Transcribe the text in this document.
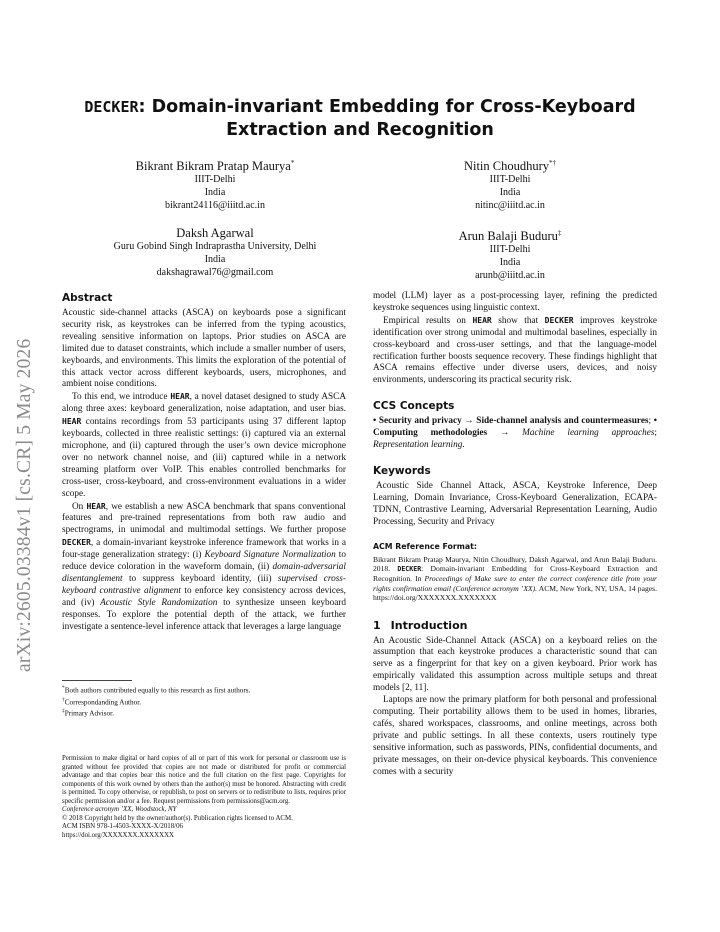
arXiv:2605.03384v1 [cs.CR] 5 May 2026
DECKER: Domain-invariant Embedding for Cross-Keyboard
Extraction and Recognition
Bikrant Bikram Pratap Maurya*
IIIT-Delhi
India
bikrant24116@iiitd.ac.in
Nitin Choudhury*†
IIIT-Delhi
India
nitinc@iiitd.ac.in
Daksh Agarwal
Guru Gobind Singh Indraprastha University, Delhi
India
dakshagrawal76@gmail.com
Arun Balaji Buduru‡
IIIT-Delhi
India
arunb@iiitd.ac.in
Abstract

Acoustic side-channel attacks (ASCA) on keyboards pose a significant security risk, as keystrokes can be inferred from the typing acoustics, revealing sensitive information on laptops. Prior studies on ASCA are limited due to dataset constraints, which include a smaller number of users, keyboards, and environments. This limits the exploration of the potential of this attack vector across different keyboards, users, microphones, and ambient noise conditions.

To this end, we introduce HEAR, a novel dataset designed to study ASCA along three axes: keyboard generalization, noise adaptation, and user bias. HEAR contains recordings from 53 participants using 37 different laptop keyboards, collected in three realistic settings: (i) captured via an external microphone, and (ii) captured through the user’s own device microphone over no network channel noise, and (iii) captured while in a network streaming platform over VoIP. This enables controlled benchmarks for cross-user, cross-keyboard, and cross-environment evaluations in a wider scope.

On HEAR, we establish a new ASCA benchmark that spans conventional features and pre-trained representations from both raw audio and spectrograms, in unimodal and multimodal settings. We further propose DECKER, a domain-invariant keystroke inference framework that works in a four-stage generalization strategy: (i) Keyboard Signature Normalization to reduce device coloration in the waveform domain, (ii) domain-adversarial disentanglement to suppress keyboard identity, (iii) supervised cross-keyboard contrastive alignment to enforce key consistency across devices, and (iv) Acoustic Style Randomization to synthesize unseen keyboard responses. To explore the potential depth of the attack, we further investigate a sentence-level inference attack that leverages a large language

*Both authors contributed equally to this research as first authors.
†Correspondanding Author.
‡Primary Advisor.
Permission to make digital or hard copies of all or part of this work for personal or classroom use is granted without fee provided that copies are not made or distributed for profit or commercial advantage and that copies bear this notice and the full citation on the first page. Copyrights for components of this work owned by others than the author(s) must be honored. Abstracting with credit is permitted. To copy otherwise, or republish, to post on servers or to redistribute to lists, requires prior specific permission and/or a fee. Request permissions from permissions@acm.org.
Conference acronym ’XX, Woodstock, NY
© 2018 Copyright held by the owner/author(s). Publication rights licensed to ACM.
ACM ISBN 978-1-4503-XXXX-X/2018/06
https://doi.org/XXXXXXX.XXXXXXX

model (LLM) layer as a post-processing layer, refining the predicted keystroke sequences using linguistic context.

Empirical results on HEAR show that DECKER improves keystroke identification over strong unimodal and multimodal baselines, especially in cross-keyboard and cross-user settings, and that the language-model rectification further boosts sequence recovery. These findings highlight that ASCA remains effective under diverse users, devices, and noisy environments, underscoring its practical security risk.

CCS Concepts

• Security and privacy → Side-channel analysis and countermeasures; • Computing methodologies → Machine learning approaches; Representation learning.

Keywords

Acoustic Side Channel Attack, ASCA, Keystroke Inference, Deep Learning, Domain Invariance, Cross-Keyboard Generalization, ECAPA-TDNN, Contrastive Learning, Adversarial Representation Learning, Audio Processing, Security and Privacy

ACM Reference Format:

Bikrant Bikram Pratap Maurya, Nitin Choudhury, Daksh Agarwal, and Arun Balaji Buduru. 2018. DECKER: Domain-invariant Embedding for Cross-Keyboard Extraction and Recognition. In Proceedings of Make sure to enter the correct conference title from your rights confirmation email (Conference acronym ’XX). ACM, New York, NY, USA, 14 pages. https://doi.org/XXXXXXX.XXXXXXX

1 Introduction

An Acoustic Side-Channel Attack (ASCA) on a keyboard relies on the assumption that each keystroke produces a characteristic sound that can serve as a fingerprint for that key on a given keyboard. Prior work has empirically validated this assumption across multiple setups and threat models [2, 11].

Laptops are now the primary platform for both personal and professional computing. Their portability allows them to be used in homes, libraries, cafés, shared workspaces, classrooms, and online meetings, across both private and public settings. In all these contexts, users routinely type sensitive information, such as passwords, PINs, confidential documents, and private messages, on their on-device physical keyboards. This convenience comes with a security
